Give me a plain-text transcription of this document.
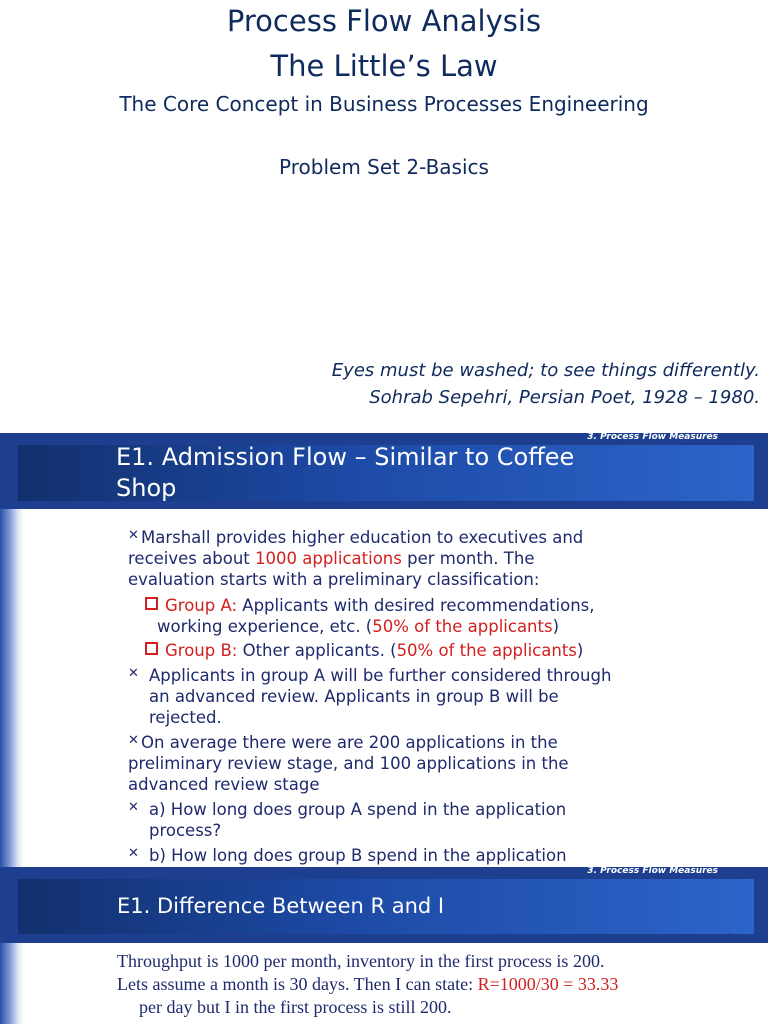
Process Flow Analysis
The Little’s Law
The Core Concept in Business Processes Engineering
Problem Set 2-Basics
Eyes must be washed; to see things differently.
Sohrab Sepehri, Persian Poet, 1928 – 1980.
3. Process Flow Measures
E1. Admission Flow – Similar to Coffee
Shop
2
✕ Marshall provides higher education to executives and
receives about 1000 applications per month. The
evaluation starts with a preliminary classification:
Group A: Applicants with desired recommendations,
working experience, etc. (50% of the applicants)
Group B: Other applicants. (50% of the applicants)
✕ Applicants in group A will be further considered through
an advanced review. Applicants in group B will be
rejected.
✕ On average there were are 200 applications in the
preliminary review stage, and 100 applications in the
advanced review stage
✕ a) How long does group A spend in the application
process?
✕ b) How long does group B spend in the application
3. Process Flow Measures
E1. Difference Between R and I
3
Throughput is 1000 per month, inventory in the first process is 200.
Lets assume a month is 30 days. Then I can state: R=1000/30 = 33.33
per day but I in the first process is still 200.
